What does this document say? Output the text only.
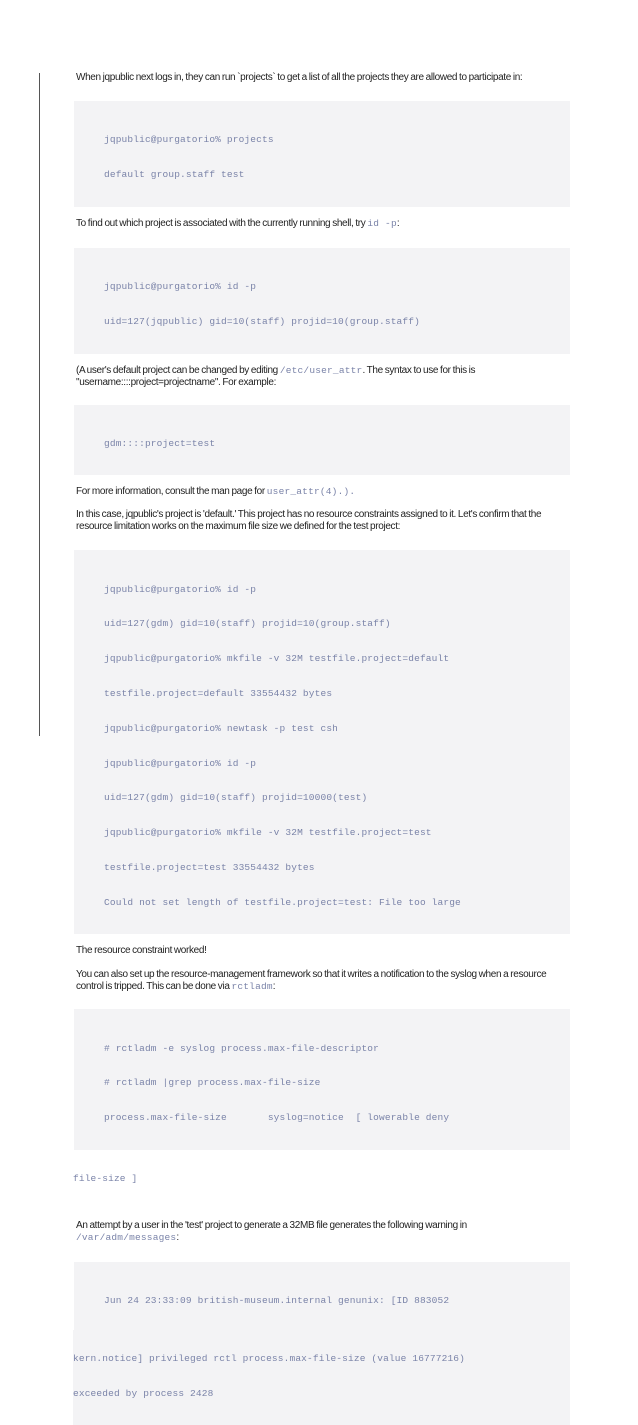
When jqpublic next logs in, they can run `projects` to get a list of all the projects they are allowed to participate in:

jqpublic@purgatorio% projects

default group.staff test

To find out which project is associated with the currently running shell, try id -p:

jqpublic@purgatorio% id -p

uid=127(jqpublic) gid=10(staff) projid=10(group.staff)

(A user's default project can be changed by editing /etc/user_attr. The syntax to use for this is "username::::project=projectname". For example:

gdm::::project=test

For more information, consult the man page for user_attr(4).).

In this case, jqpublic's project is 'default.' This project has no resource constraints assigned to it. Let's confirm that the resource limitation works on the maximum file size we defined for the test project:

jqpublic@purgatorio% id -p

uid=127(gdm) gid=10(staff) projid=10(group.staff)

jqpublic@purgatorio% mkfile -v 32M testfile.project=default

testfile.project=default 33554432 bytes

jqpublic@purgatorio% newtask -p test csh

jqpublic@purgatorio% id -p

uid=127(gdm) gid=10(staff) projid=10000(test)

jqpublic@purgatorio% mkfile -v 32M testfile.project=test

testfile.project=test 33554432 bytes

Could not set length of testfile.project=test: File too large

The resource constraint worked!

You can also set up the resource-management framework so that it writes a notification to the syslog when a resource control is tripped. This can be done via rctladm:

# rctladm -e syslog process.max-file-descriptor

# rctladm |grep process.max-file-size

process.max-file-size       syslog=notice  [ lowerable deny

file-size ]

An attempt by a user in the 'test' project to generate a 32MB file generates the following warning in /var/adm/messages:

Jun 24 23:33:09 british-museum.internal genunix: [ID 883052

kern.notice] privileged rctl process.max-file-size (value 16777216)

exceeded by process 2428
